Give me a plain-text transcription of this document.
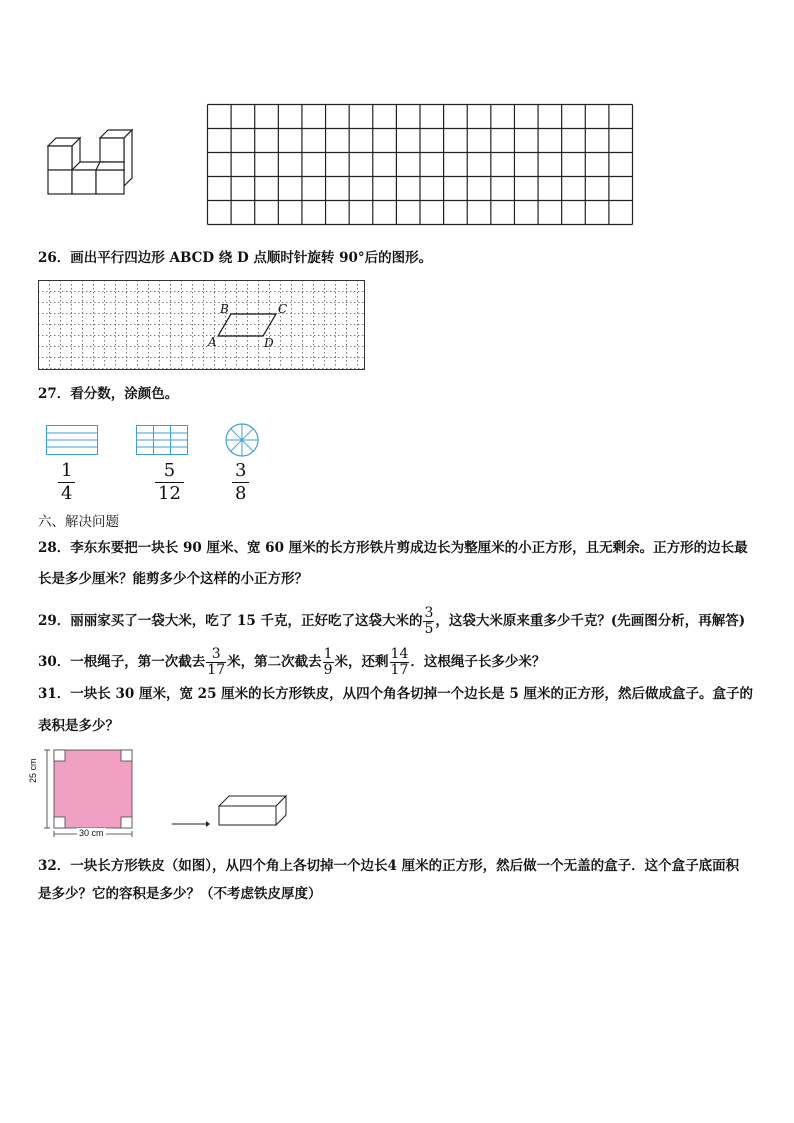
26．画出平行四边形 ABCD 绕 D 点顺时针旋转 90°后的图形。
A
B	C
D
27．看分数，涂颜色。
1
4
5
12
3
8
六、解决问题
28．李东东要把一块长 90 厘米、宽 60 厘米的长方形铁片剪成边长为整厘米的小正方形，且无剩余。正方形的边长最
长是多少厘米？能剪多少个这样的小正方形？
29．丽丽家买了一袋大米，吃了 15 千克，正好吃了这袋大米的 $\frac{3}{5}$ ，这袋大米原来重多少千克？(先画图分析，再解答)
30．一根绳子，第一次截去 $\frac{3}{17}$ 米，第二次截去 $\frac{1}{9}$ 米，还剩 $\frac{14}{17}$ ．这根绳子长多少米？
31．一块长 30 厘米，宽 25 厘米的长方形铁皮，从四个角各切掉一个边长是 5 厘米的正方形，然后做成盒子。盒子的
表积是多少？
25 cm
30 cm
32．一块长方形铁皮（如图），从四个角上各切掉一个边长4 厘米的正方形，然后做一个无盖的盒子．这个盒子底面积
是多少？它的容积是多少？（不考虑铁皮厚度）
